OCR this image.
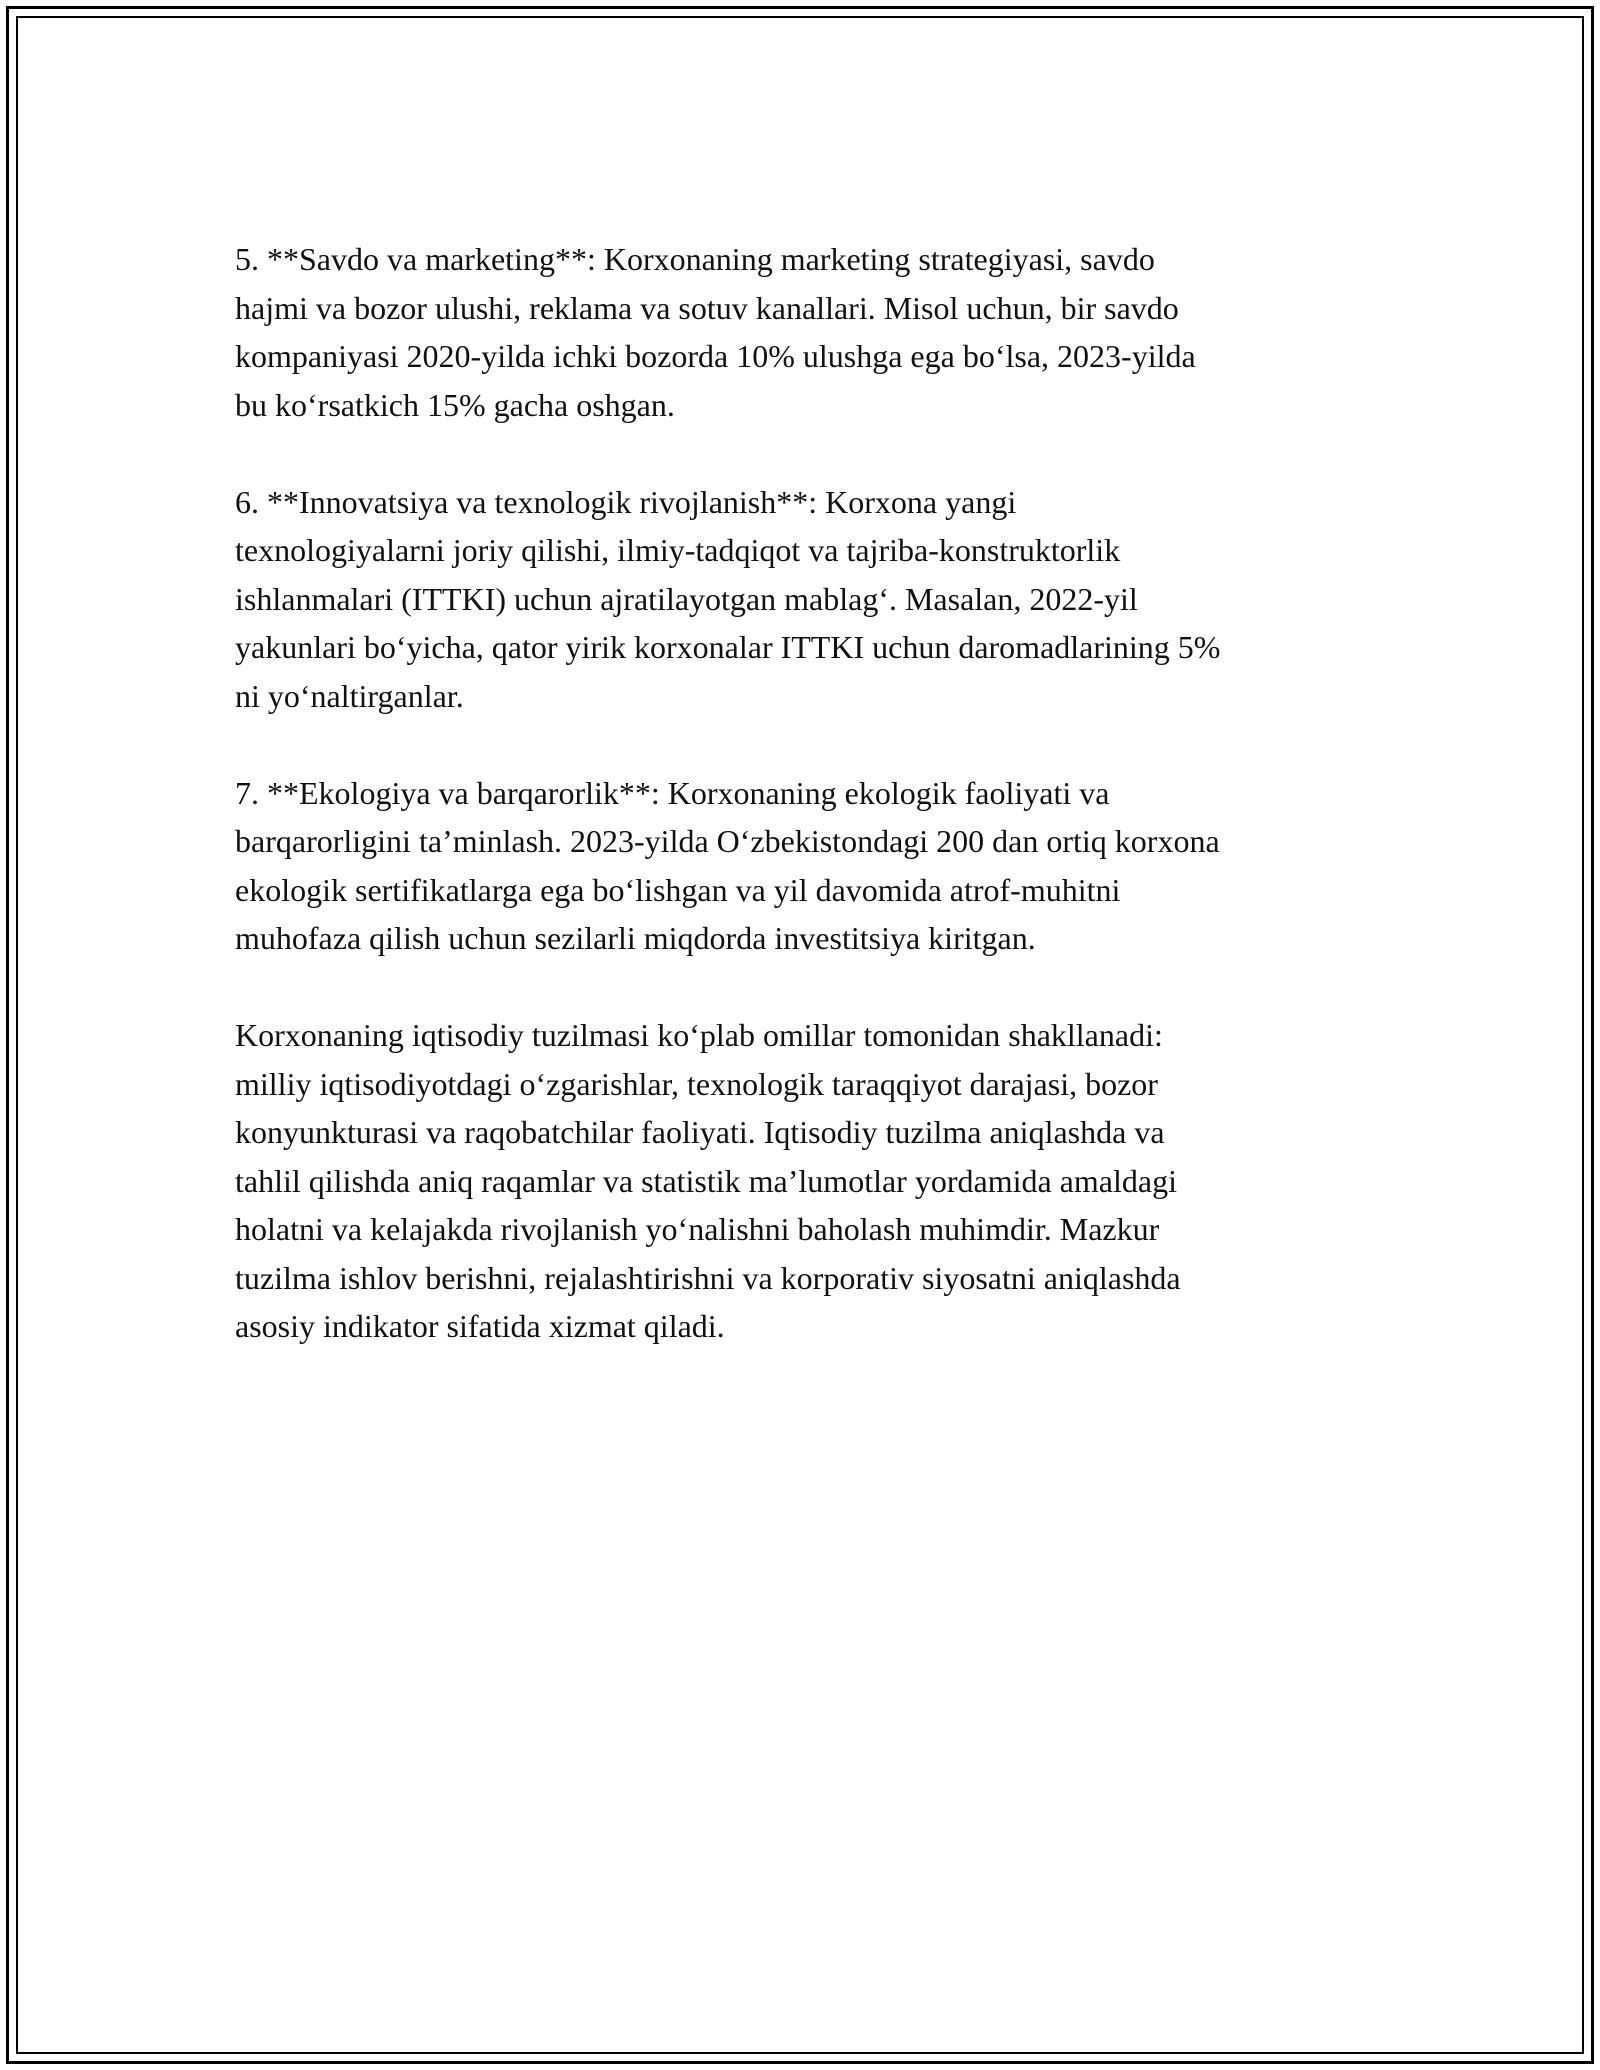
5. **Savdo va marketing**: Korxonaning marketing strategiyasi, savdo
hajmi va bozor ulushi, reklama va sotuv kanallari. Misol uchun, bir savdo
kompaniyasi 2020-yilda ichki bozorda 10% ulushga ega bo‘lsa, 2023-yilda
bu ko‘rsatkich 15% gacha oshgan.

6. **Innovatsiya va texnologik rivojlanish**: Korxona yangi
texnologiyalarni joriy qilishi, ilmiy-tadqiqot va tajriba-konstruktorlik
ishlanmalari (ITTKI) uchun ajratilayotgan mablag‘. Masalan, 2022-yil
yakunlari bo‘yicha, qator yirik korxonalar ITTKI uchun daromadlarining 5%
ni yo‘naltirganlar.

7. **Ekologiya va barqarorlik**: Korxonaning ekologik faoliyati va
barqarorligini ta’minlash. 2023-yilda O‘zbekistondagi 200 dan ortiq korxona
ekologik sertifikatlarga ega bo‘lishgan va yil davomida atrof-muhitni
muhofaza qilish uchun sezilarli miqdorda investitsiya kiritgan.

Korxonaning iqtisodiy tuzilmasi ko‘plab omillar tomonidan shakllanadi:
milliy iqtisodiyotdagi o‘zgarishlar, texnologik taraqqiyot darajasi, bozor
konyunkturasi va raqobatchilar faoliyati. Iqtisodiy tuzilma aniqlashda va
tahlil qilishda aniq raqamlar va statistik ma’lumotlar yordamida amaldagi
holatni va kelajakda rivojlanish yo‘nalishni baholash muhimdir. Mazkur
tuzilma ishlov berishni, rejalashtirishni va korporativ siyosatni aniqlashda
asosiy indikator sifatida xizmat qiladi.
